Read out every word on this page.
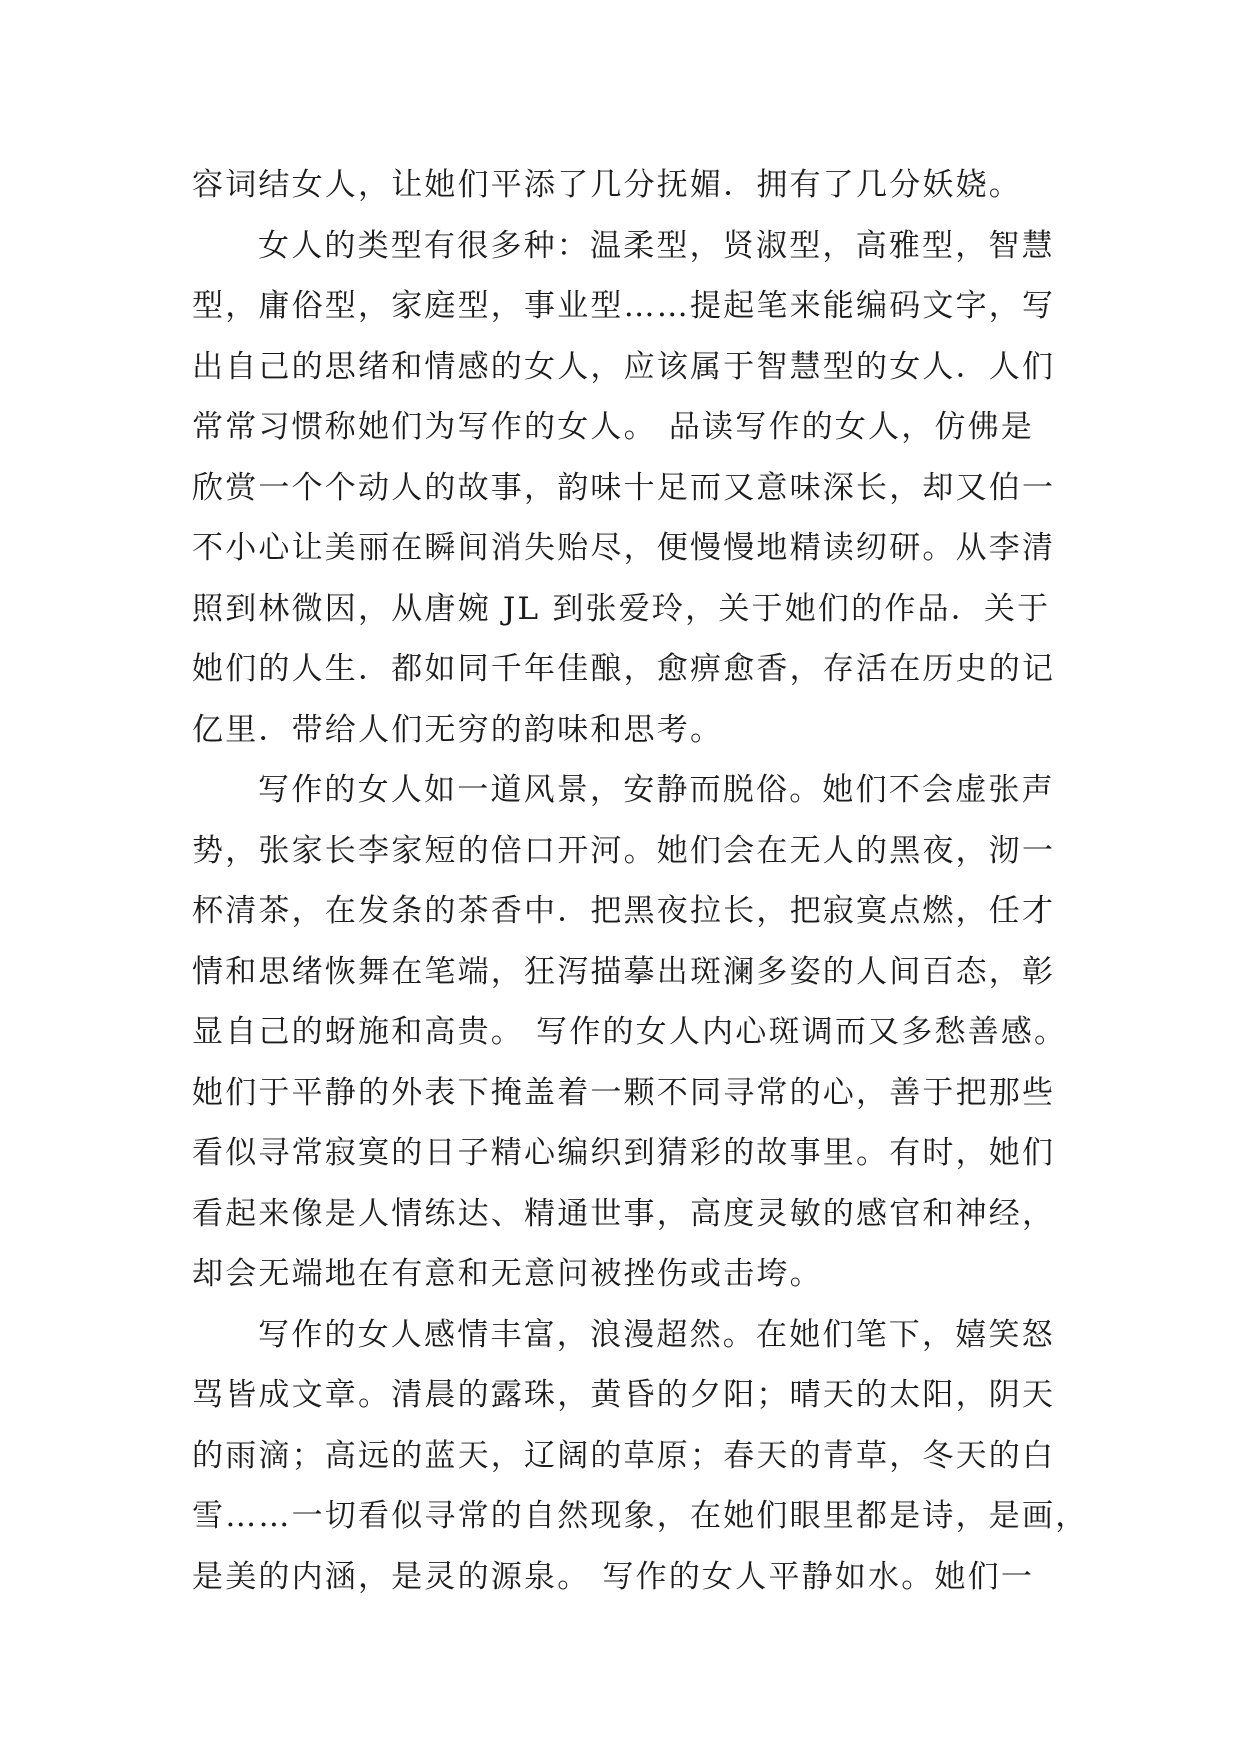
容词结女人，让她们平添了几分抚媚．拥有了几分妖娆。
女人的类型有很多种：温柔型，贤淑型，高雅型，智慧
型，庸俗型，家庭型，事业型……提起笔来能编码文字，写
出自己的思绪和情感的女人，应该属于智慧型的女人．人们
常常习惯称她们为写作的女人。 品读写作的女人，仿佛是
欣赏一个个动人的故事，韵味十足而又意味深长，却又伯一
不小心让美丽在瞬间消失贻尽，便慢慢地精读纫研。从李清
照到林微因，从唐婉 JL 到张爱玲，关于她们的作品．关于
她们的人生．都如同千年佳酿，愈痹愈香，存活在历史的记
亿里．带给人们无穷的韵味和思考。
写作的女人如一道风景，安静而脱俗。她们不会虚张声
势，张家长李家短的倍口开河。她们会在无人的黑夜，沏一
杯清茶，在发条的茶香中．把黑夜拉长，把寂寞点燃，任才
情和思绪恢舞在笔端，狂泻描摹出斑澜多姿的人间百态，彰
显自己的蚜施和高贵。 写作的女人内心斑调而又多愁善感。
她们于平静的外表下掩盖着一颗不同寻常的心，善于把那些
看似寻常寂寞的日子精心编织到猜彩的故事里。有时，她们
看起来像是人情练达、精通世事，高度灵敏的感官和神经，
却会无端地在有意和无意问被挫伤或击垮。
写作的女人感情丰富，浪漫超然。在她们笔下，嬉笑怒
骂皆成文章。清晨的露珠，黄昏的夕阳；晴天的太阳，阴天
的雨滴；高远的蓝天，辽阔的草原；春天的青草，冬天的白
雪……一切看似寻常的自然现象，在她们眼里都是诗，是画，
是美的内涵，是灵的源泉。 写作的女人平静如水。她们一
